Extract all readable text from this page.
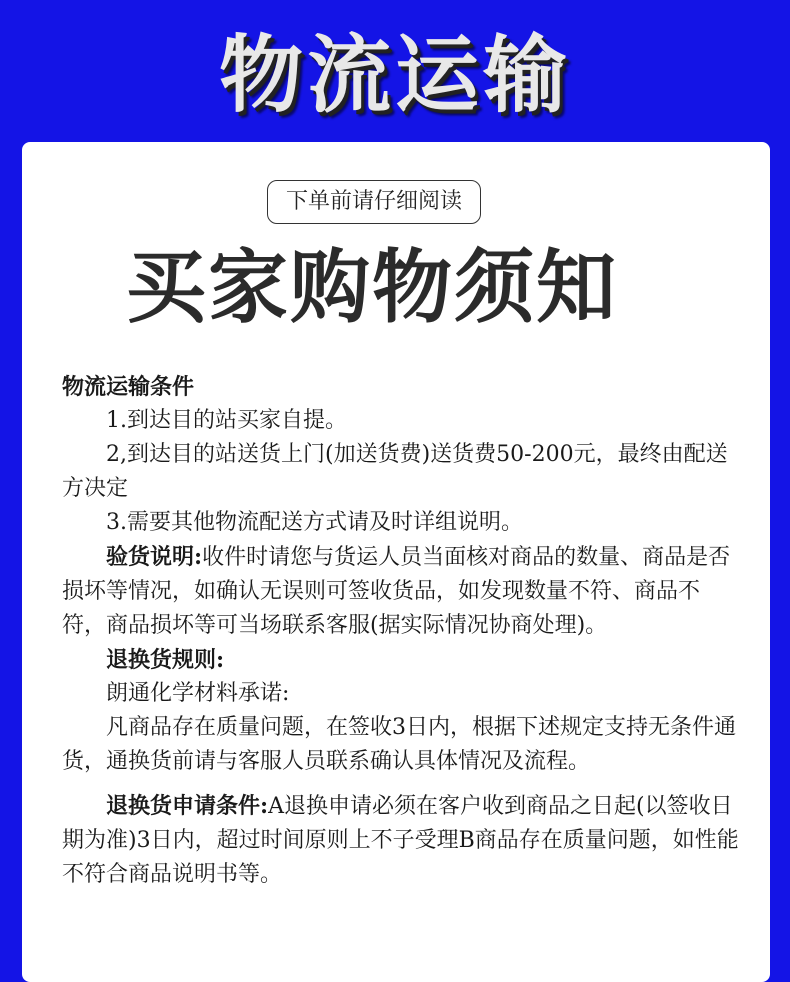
物流运输
下单前请仔细阅读
买家购物须知

物流运输条件

1.到达目的站买家自提。

2,到达目的站送货上门(加送货费)送货费50-200元，最终由配送方决定

3.需要其他物流配送方式请及时详组说明。

验货说明:收件时请您与货运人员当面核对商品的数量、商品是否损坏等情况，如确认无误则可签收货品，如发现数量不符、商品不符，商品损坏等可当场联系客服(据实际情况协商处理)。

退换货规则:

朗通化学材料承诺:

凡商品存在质量问题，在签收3日内，根据下述规定支持无条件通货，通换货前请与客服人员联系确认具体情况及流程。

退换货申请条件:A退换申请必须在客户收到商品之日起(以签收日期为准)3日内，超过时间原则上不子受理B商品存在质量问题，如性能不符合商品说明书等。
